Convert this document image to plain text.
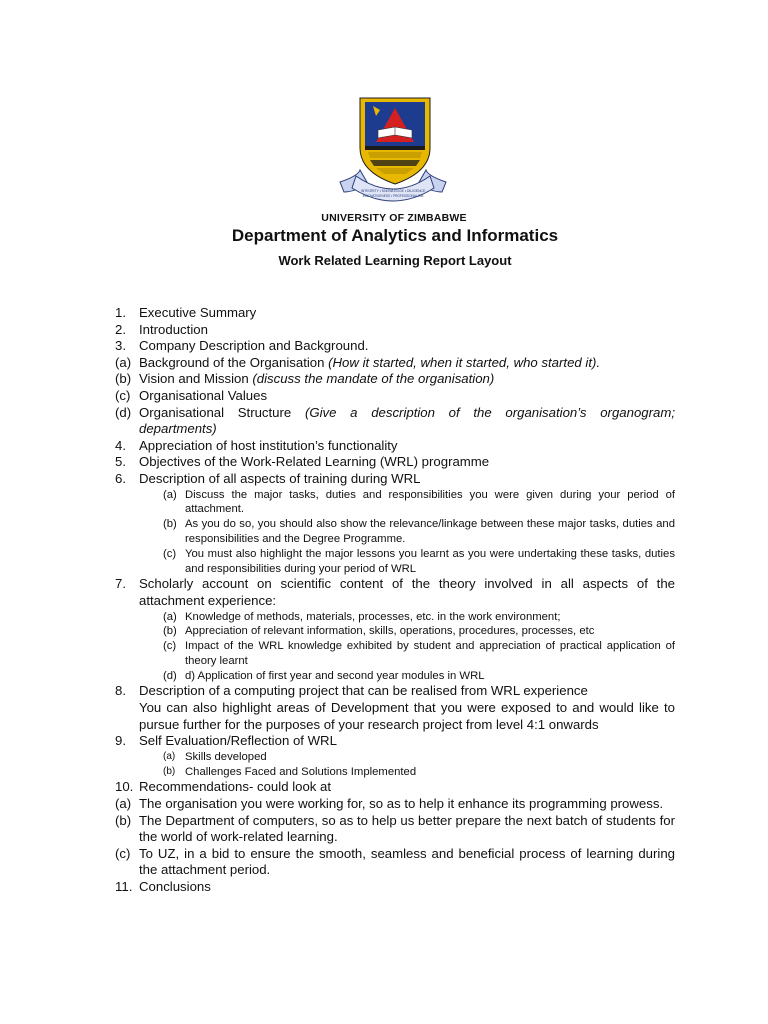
INTEGRITY • KNOWLEDGE • DILIGENCE
INNOVATIVENESS • PROFESSIONALISM
UNIVERSITY OF ZIMBABWE
Department of Analytics and Informatics
Work Related Learning Report Layout
1. Executive Summary
2. Introduction
3. Company Description and Background.
(a) Background of the Organisation (How it started, when it started, who started it).
(b) Vision and Mission (discuss the mandate of the organisation)
(c) Organisational Values
(d) Organisational Structure (Give a description of the organisation’s organogram; departments)
4. Appreciation of host institution’s functionality
5. Objectives of the Work-Related Learning (WRL) programme
6. Description of all aspects of training during WRL
(a) Discuss the major tasks, duties and responsibilities you were given during your period of attachment.
(b) As you do so, you should also show the relevance/linkage between these major tasks, duties and responsibilities and the Degree Programme.
(c) You must also highlight the major lessons you learnt as you were undertaking these tasks, duties and responsibilities during your period of WRL
7. Scholarly account on scientific content of the theory involved in all aspects of the attachment experience:
(a) Knowledge of methods, materials, processes, etc. in the work environment;
(b) Appreciation of relevant information, skills, operations, procedures, processes, etc
(c) Impact of the WRL knowledge exhibited by student and appreciation of practical application of theory learnt
(d) d) Application of first year and second year modules in WRL
8. Description of a computing project that can be realised from WRL experience
You can also highlight areas of Development that you were exposed to and would like to pursue further for the purposes of your research project from level 4:1 onwards
9. Self Evaluation/Reflection of WRL
(a) Skills developed
(b) Challenges Faced and Solutions Implemented
10. Recommendations- could look at
(a) The organisation you were working for, so as to help it enhance its programming prowess.
(b) The Department of computers, so as to help us better prepare the next batch of students for the world of work-related learning.
(c) To UZ, in a bid to ensure the smooth, seamless and beneficial process of learning during the attachment period.
11. Conclusions
